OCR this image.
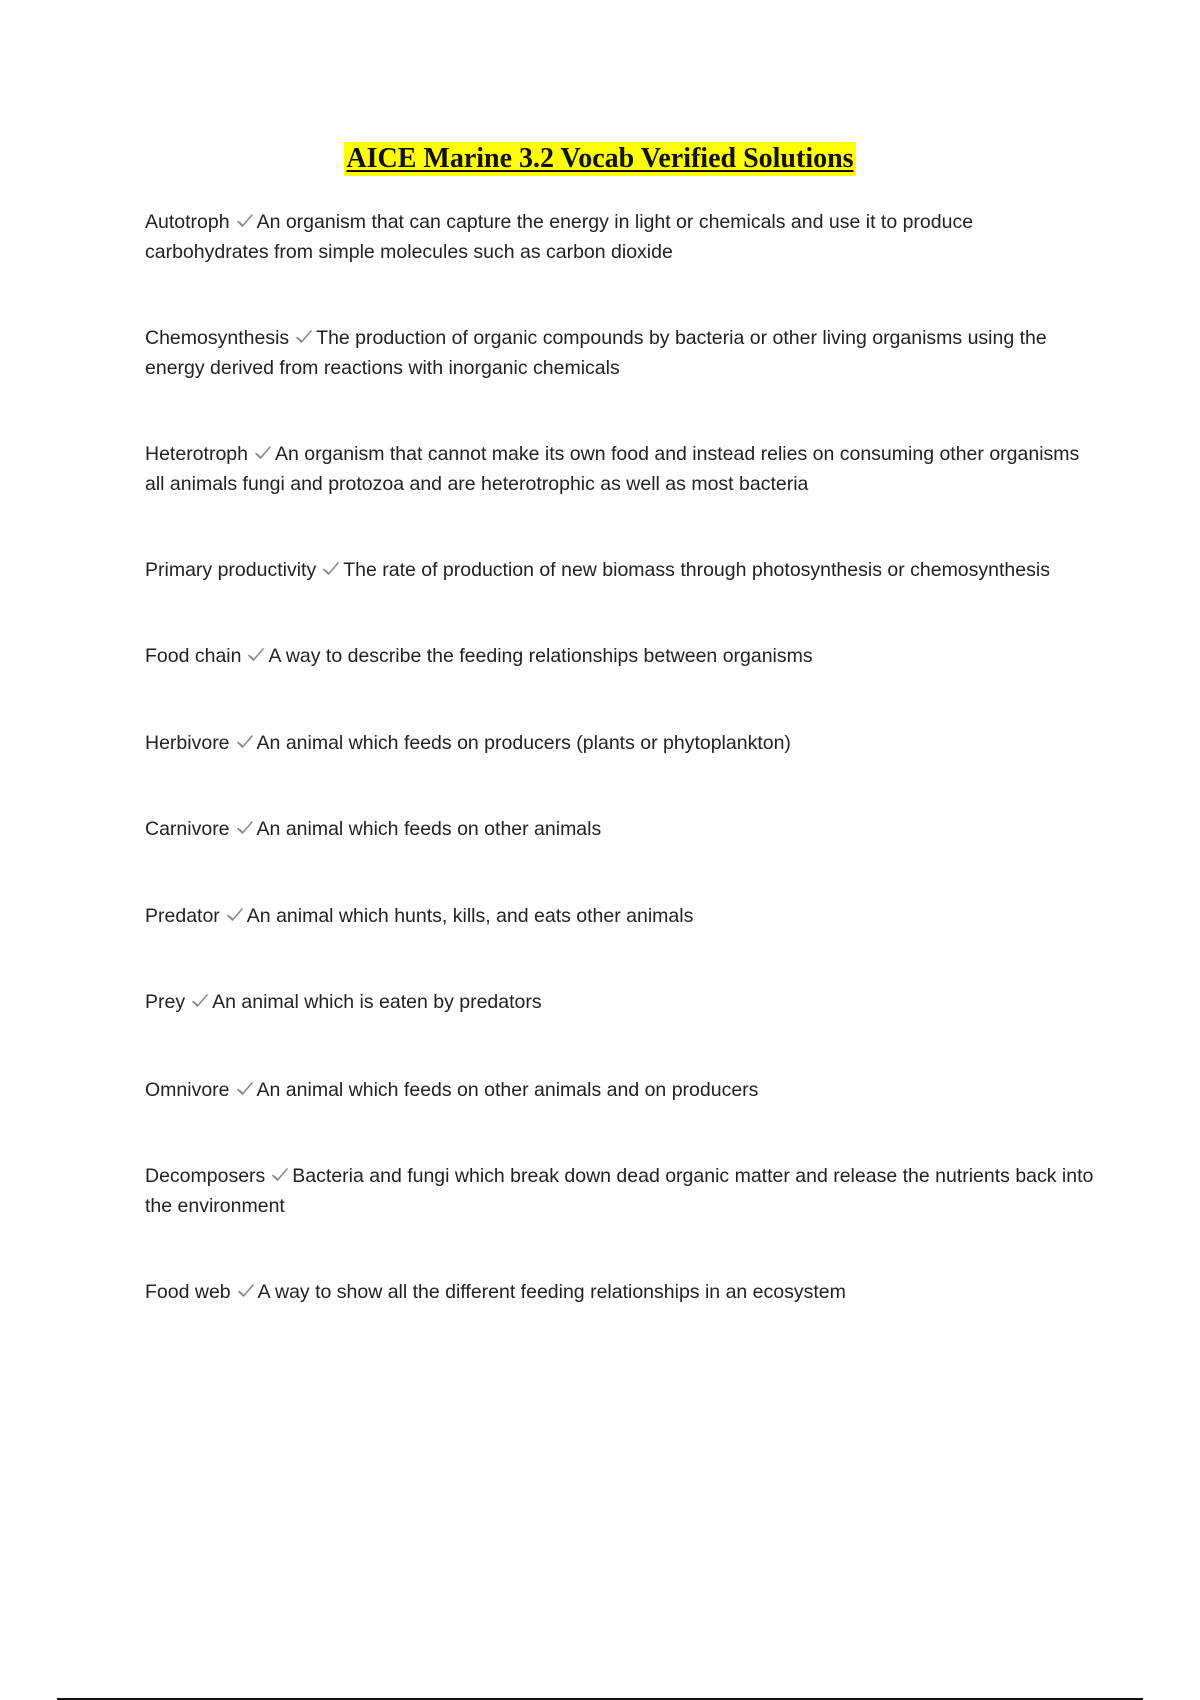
AICE Marine 3.2 Vocab Verified Solutions

Autotroph An organism that can capture the energy in light or chemicals and use it to produce carbohydrates from simple molecules such as carbon dioxide

Chemosynthesis The production of organic compounds by bacteria or other living organisms using the energy derived from reactions with inorganic chemicals

Heterotroph An organism that cannot make its own food and instead relies on consuming other organisms all animals fungi and protozoa and are heterotrophic as well as most bacteria

Primary productivity The rate of production of new biomass through photosynthesis or chemosynthesis

Food chain A way to describe the feeding relationships between organisms

Herbivore An animal which feeds on producers (plants or phytoplankton)

Carnivore An animal which feeds on other animals

Predator An animal which hunts, kills, and eats other animals

Prey An animal which is eaten by predators

Omnivore An animal which feeds on other animals and on producers

Decomposers Bacteria and fungi which break down dead organic matter and release the nutrients back into the environment

Food web A way to show all the different feeding relationships in an ecosystem
